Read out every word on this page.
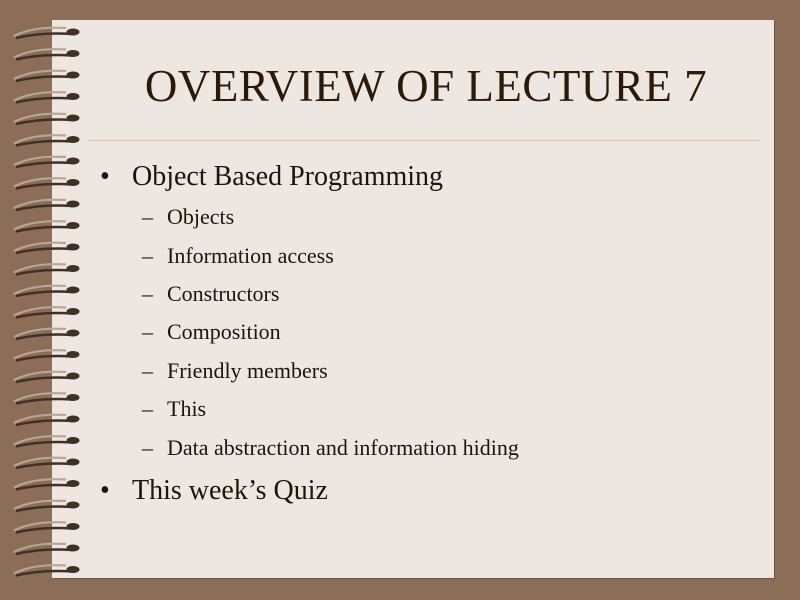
OVERVIEW OF LECTURE 7
• Object Based Programming
– Objects
– Information access
– Constructors
– Composition
– Friendly members
– This
– Data abstraction and information hiding
• This week’s Quiz
